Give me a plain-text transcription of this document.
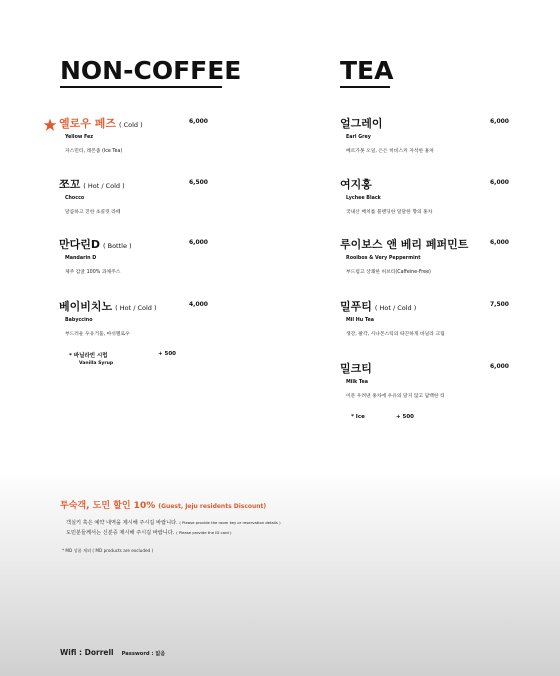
NON-COFFEE	TEA
옐로우 페즈 ( Cold )	6,000
Yellow Fez
자스민티, 레몬즙 (Ice Tea)
쪼꼬 ( Hot / Cold )	6,500
Chocco
달콤하고 진한 초콜릿 라떼
만다린D ( Bottle )	6,000
Mandarin D
제주 감귤 100% 과채주스
베이비치노 ( Hot / Cold )	4,000
Babyccino
부드러운 우유거품, 마쉬멜로우
* 바닐라빈 시럽	+ 500
Vanilla Syrup
얼그레이	6,000
Earl Grey
베르가못 오일, 은은 히비스커 자석한 홍차
여지홍	6,000
Lychee Black
국내산 배치를 블랜딩한 달달한 향의 홍차
루이보스 앤 베리 페퍼민트	6,000
Rooibos & Very Peppermint
부드럽고 상쾌한 허브티(Caffeine-Free)
밀푸티 ( Hot / Cold )	7,500
Mil Hu Tea
생강, 팔각, 시나몬스틱의 따끈하게 바닐라 크림
밀크티	6,000
Milk Tea
이문 우려낸 홍차에 우유의 달지 않고 담백한 티
* Ice	+ 500
투숙객, 도민 할인 10% (Guest, Jeju residents Discount)
객실키 혹은 예약 내역을 제시해 주시길 바랍니다. ( Please provide the room key or reservation details )
도민분들께서는 신분증 제시해 주시길 바랍니다. ( Please provide the ID card )
* MD 상품 제외 ( MD products are excluded )
Wifi : Dorrell Password : 없음
